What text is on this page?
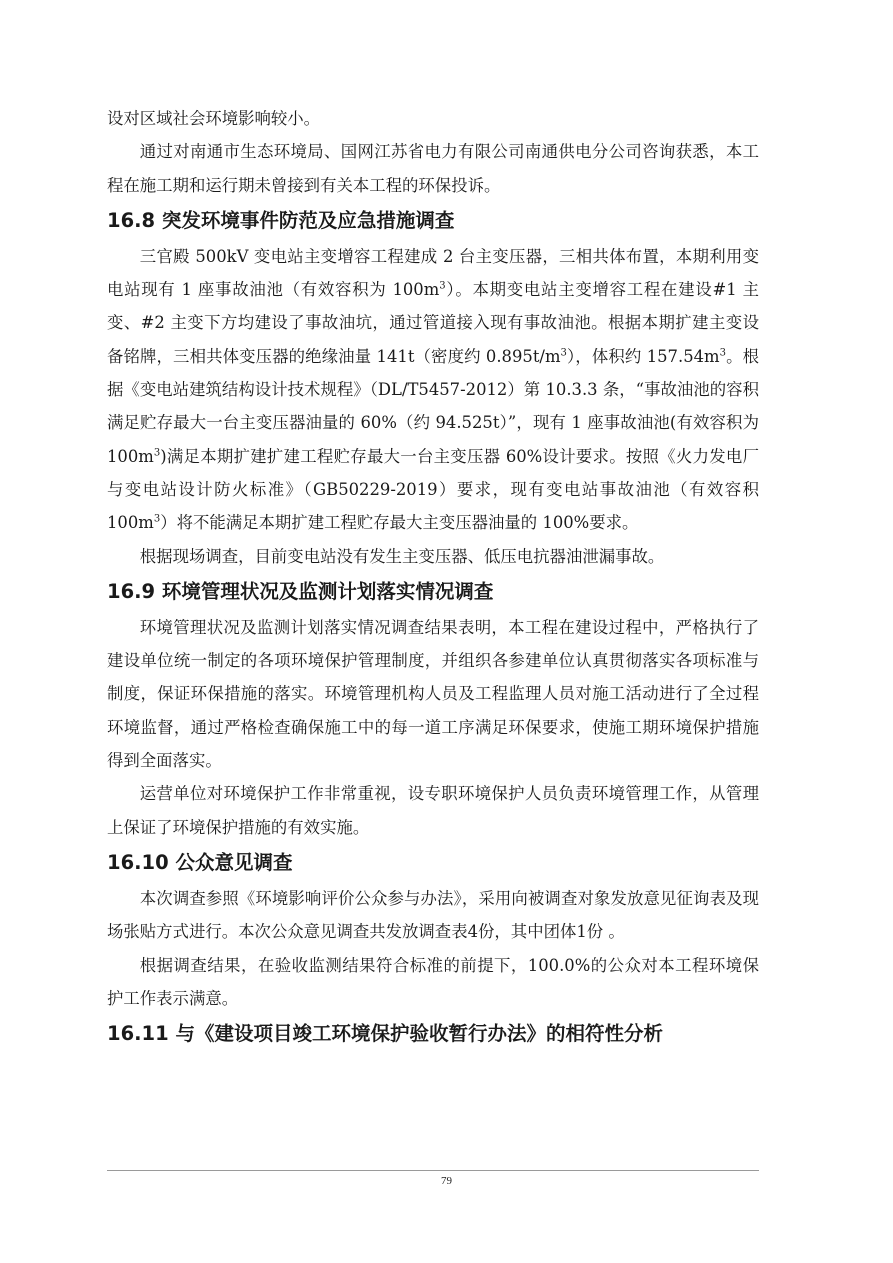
设对区域社会环境影响较小。

通过对南通市生态环境局、国网江苏省电力有限公司南通供电分公司咨询获悉，本工程在施工期和运行期未曾接到有关本工程的环保投诉。

16.8 突发环境事件防范及应急措施调查

三官殿 500kV 变电站主变增容工程建成 2 台主变压器，三相共体布置，本期利用变电站现有 1 座事故油池（有效容积为 $100m^3$）。本期变电站主变增容工程在建设#1 主变、#2 主变下方均建设了事故油坑，通过管道接入现有事故油池。根据本期扩建主变设备铭牌，三相共体变压器的绝缘油量 141t（密度约 $0.895t/m^3$），体积约 $157.54m^3$。根据《变电站建筑结构设计技术规程》（DL/T5457-2012）第 10.3.3 条，“事故油池的容积满足贮存最大一台主变压器油量的 60%（约 94.525t）”，现有 1 座事故油池(有效容积为 $100m^3$)满足本期扩建扩建工程贮存最大一台主变压器 60%设计要求。按照《火力发电厂与变电站设计防火标准》（GB50229-2019）要求，现有变电站事故油池（有效容积 $100m^3$）将不能满足本期扩建工程贮存最大主变压器油量的 100%要求。

根据现场调查，目前变电站没有发生主变压器、低压电抗器油泄漏事故。

16.9 环境管理状况及监测计划落实情况调查

环境管理状况及监测计划落实情况调查结果表明，本工程在建设过程中，严格执行了建设单位统一制定的各项环境保护管理制度，并组织各参建单位认真贯彻落实各项标准与制度，保证环保措施的落实。环境管理机构人员及工程监理人员对施工活动进行了全过程环境监督，通过严格检查确保施工中的每一道工序满足环保要求，使施工期环境保护措施得到全面落实。

运营单位对环境保护工作非常重视，设专职环境保护人员负责环境管理工作，从管理上保证了环境保护措施的有效实施。

16.10 公众意见调查

本次调查参照《环境影响评价公众参与办法》，采用向被调查对象发放意见征询表及现场张贴方式进行。本次公众意见调查共发放调查表4份，其中团体1份 。

根据调查结果，在验收监测结果符合标准的前提下，100.0%的公众对本工程环境保护工作表示满意。

16.11 与《建设项目竣工环境保护验收暂行办法》的相符性分析
79
